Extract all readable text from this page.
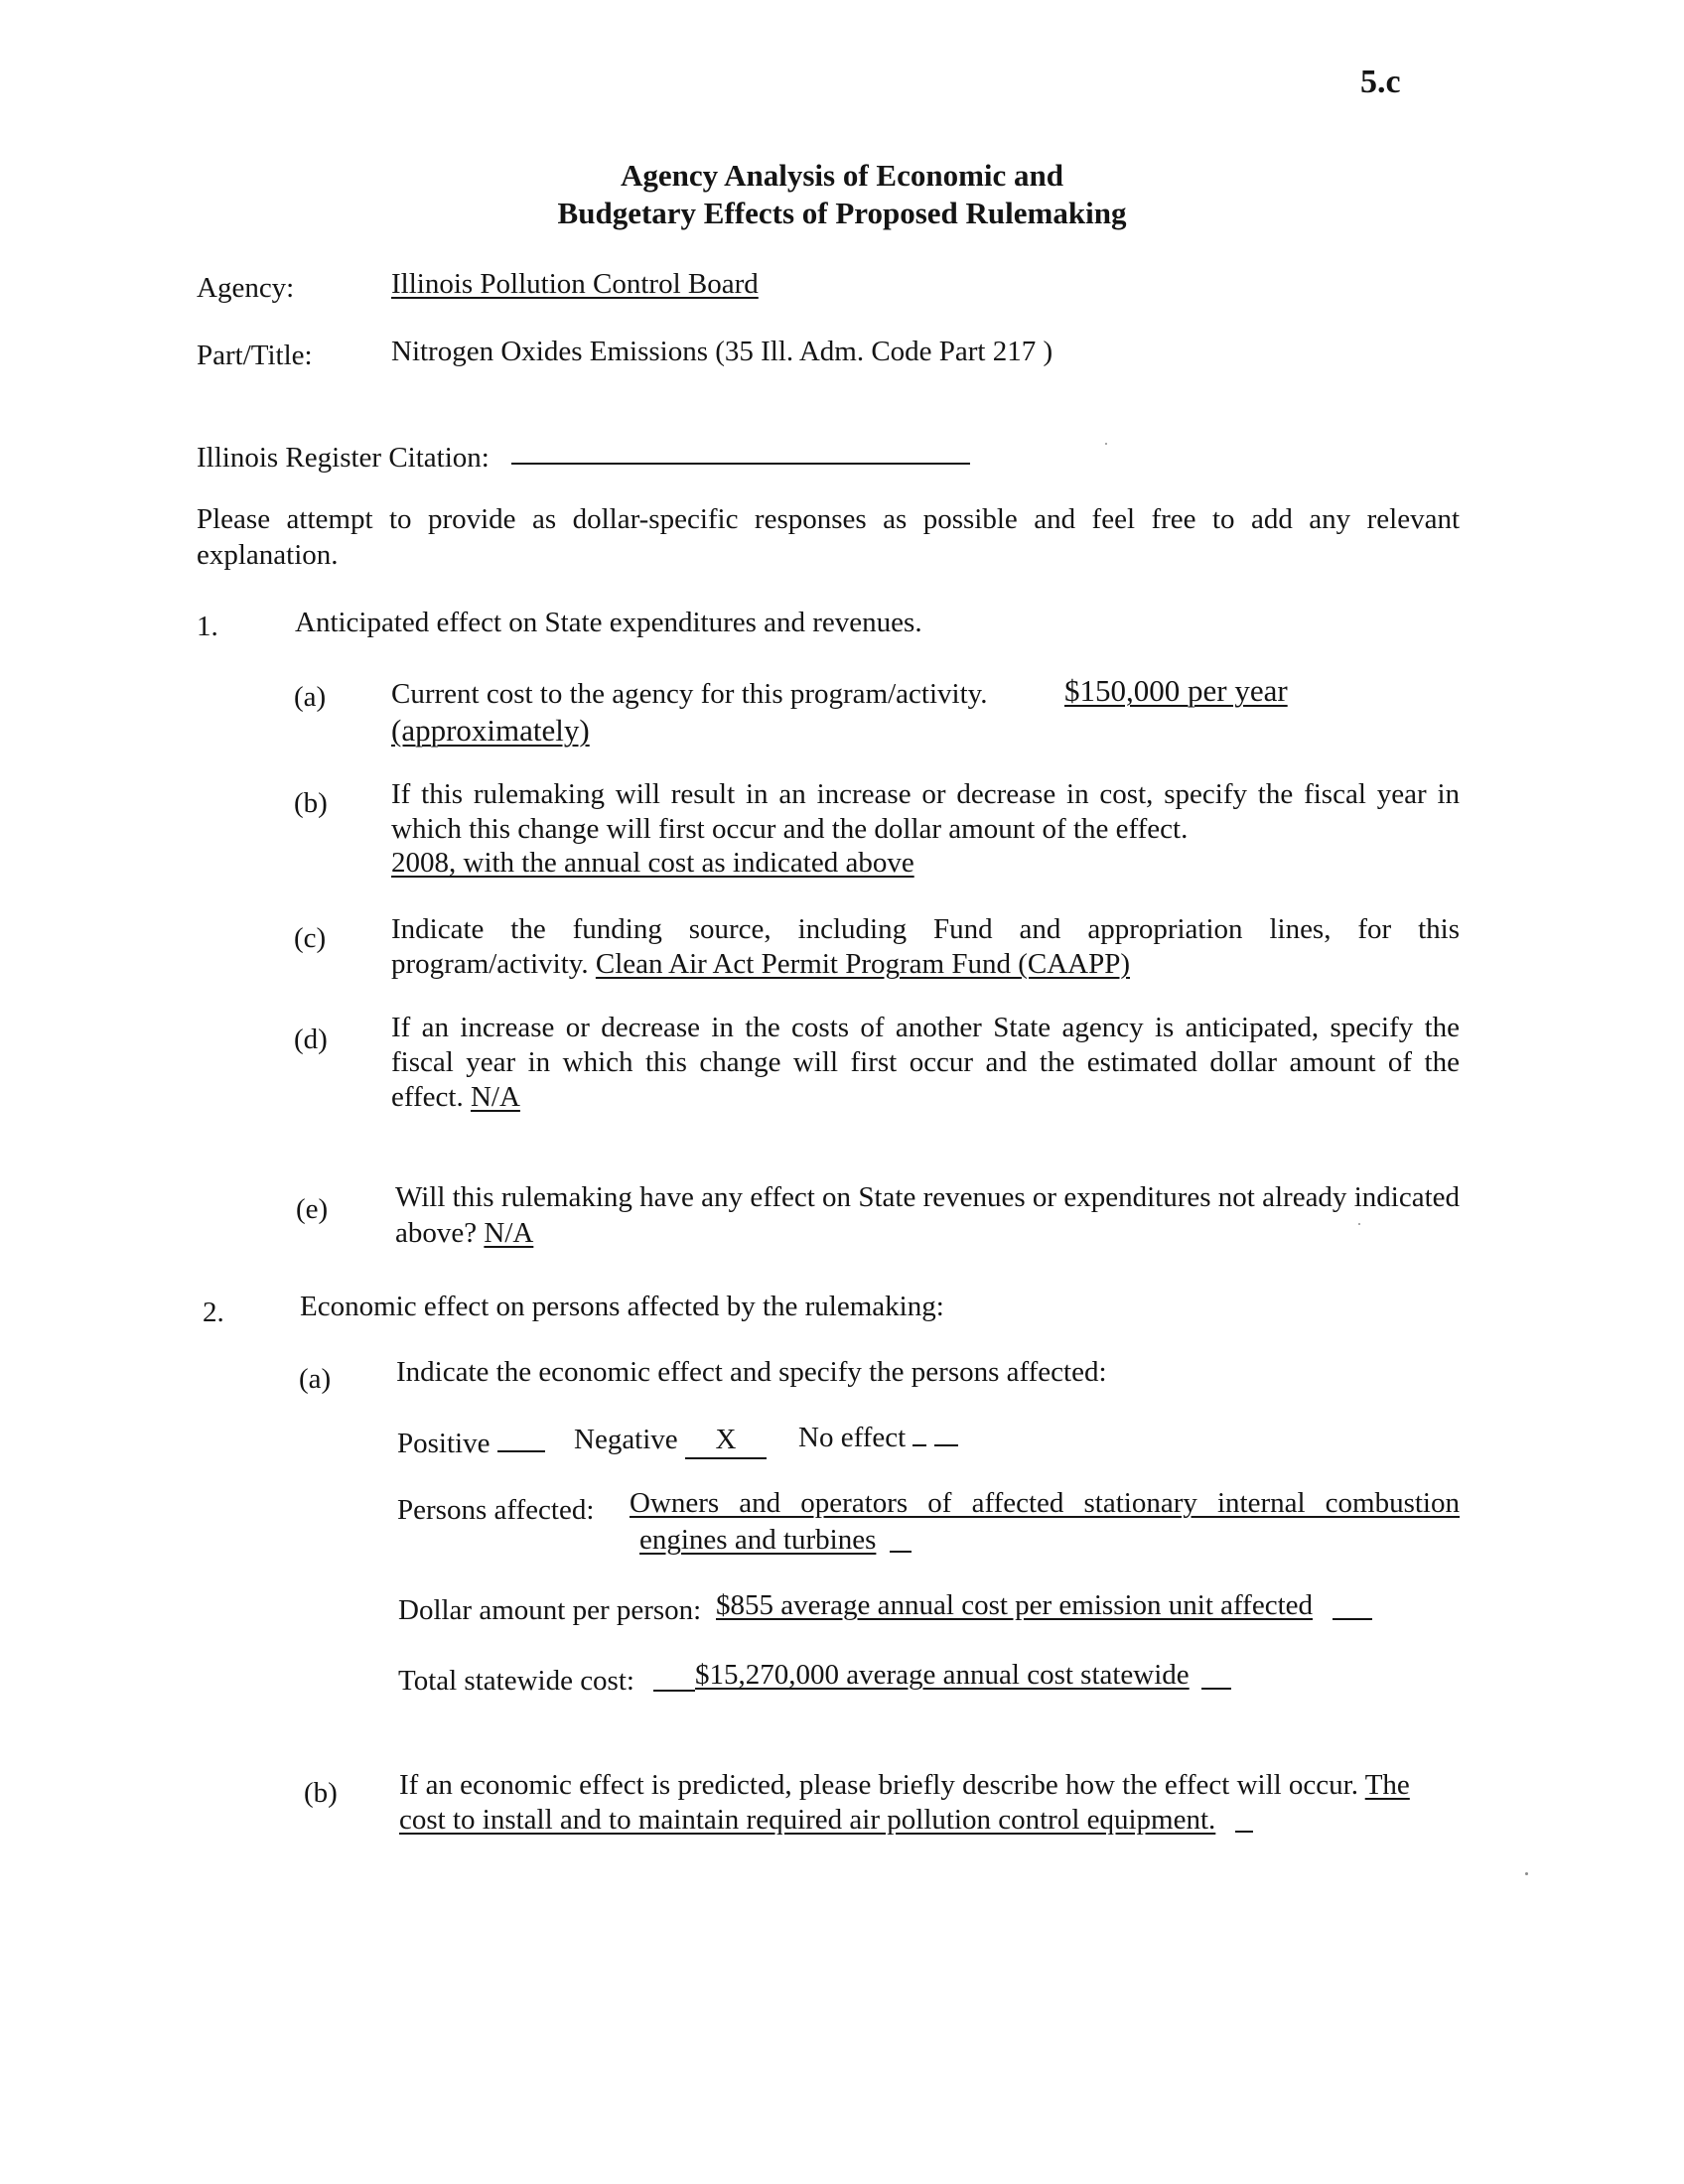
5.c
Agency Analysis of Economic and
Budgetary Effects of Proposed Rulemaking
Agency:	Illinois Pollution Control Board
Part/Title:	Nitrogen Oxides Emissions (35 Ill. Adm. Code Part 217 )
Illinois Register Citation:
Please attempt to provide as dollar-specific responses as possible and feel free to add any relevant explanation.
1.	Anticipated effect on State expenditures and revenues.
(a) Current cost to the agency for this program/activity. $150,000 per year
(approximately)
(b) If this rulemaking will result in an increase or decrease in cost, specify the fiscal year in which this change will first occur and the dollar amount of the effect.
2008, with the annual cost as indicated above
(c) Indicate the funding source, including Fund and appropriation lines, for this program/activity. Clean Air Act Permit Program Fund (CAAPP)
(d) If an increase or decrease in the costs of another State agency is anticipated, specify the fiscal year in which this change will first occur and the estimated dollar amount of the effect. N/A
(e) Will this rulemaking have any effect on State revenues or expenditures not already indicated above? N/A
2.	Economic effect on persons affected by the rulemaking:
(a) Indicate the economic effect and specify the persons affected:
Positive	Negative X	No effect
Persons affected: Owners and operators of affected stationary internal combustion
engines and turbines
Dollar amount per person: $855 average annual cost per emission unit affected
Total statewide cost: $15,270,000 average annual cost statewide
(b) If an economic effect is predicted, please briefly describe how the effect will occur. The
cost to install and to maintain required air pollution control equipment.
